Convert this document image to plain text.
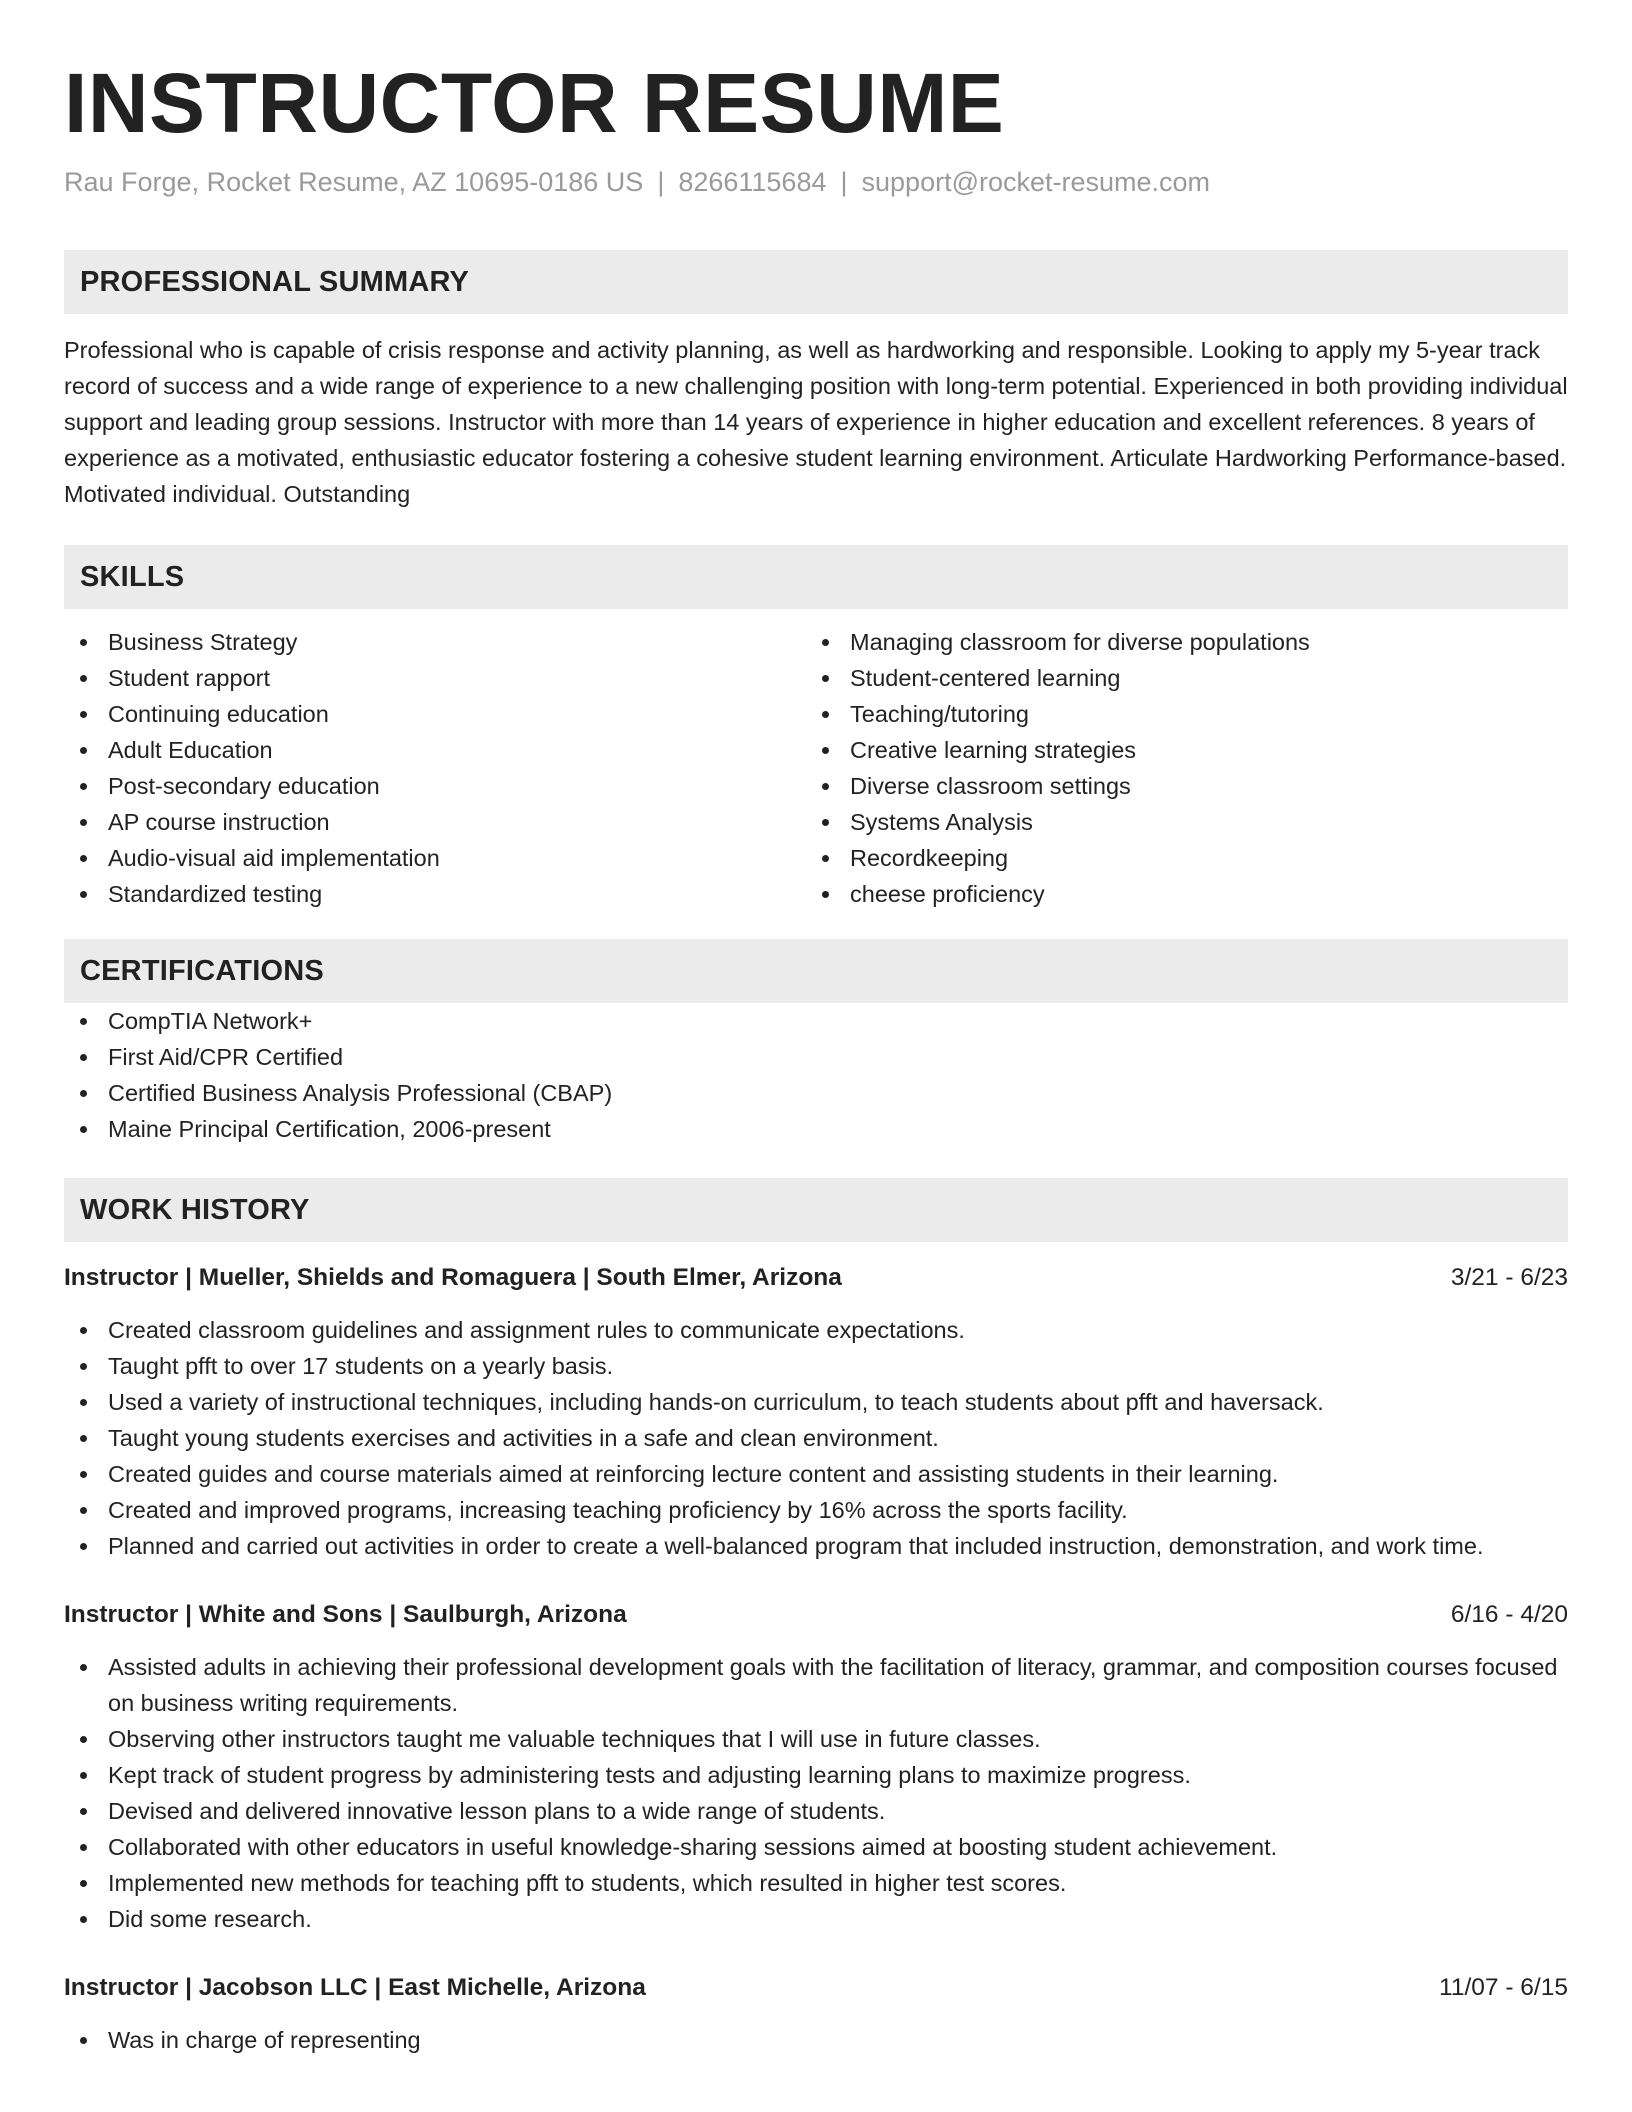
INSTRUCTOR RESUME
Rau Forge, Rocket Resume, AZ 10695-0186 US | 8266115684 | support@rocket-resume.com
PROFESSIONAL SUMMARY

Professional who is capable of crisis response and activity planning, as well as hardworking and responsible. Looking to apply my 5-year track record of success and a wide range of experience to a new challenging position with long-term potential. Experienced in both providing individual support and leading group sessions. Instructor with more than 14 years of experience in higher education and excellent references. 8 years of experience as a motivated, enthusiastic educator fostering a cohesive student learning environment. Articulate Hardworking Performance-based. Motivated individual. Outstanding

SKILLS
Business Strategy
Student rapport
Continuing education
Adult Education
Post-secondary education
AP course instruction
Audio-visual aid implementation
Standardized testing
Managing classroom for diverse populations
Student-centered learning
Teaching/tutoring
Creative learning strategies
Diverse classroom settings
Systems Analysis
Recordkeeping
cheese proficiency
CERTIFICATIONS
CompTIA Network+
First Aid/CPR Certified
Certified Business Analysis Professional (CBAP)
Maine Principal Certification, 2006-present
WORK HISTORY
Instructor | Mueller, Shields and Romaguera | South Elmer, Arizona	3/21 - 6/23
Created classroom guidelines and assignment rules to communicate expectations.
Taught pfft to over 17 students on a yearly basis.
Used a variety of instructional techniques, including hands-on curriculum, to teach students about pfft and haversack.
Taught young students exercises and activities in a safe and clean environment.
Created guides and course materials aimed at reinforcing lecture content and assisting students in their learning.
Created and improved programs, increasing teaching proficiency by 16% across the sports facility.
Planned and carried out activities in order to create a well-balanced program that included instruction, demonstration, and work time.
Instructor | White and Sons | Saulburgh, Arizona	6/16 - 4/20
Assisted adults in achieving their professional development goals with the facilitation of literacy, grammar, and composition courses focused on business writing requirements.
Observing other instructors taught me valuable techniques that I will use in future classes.
Kept track of student progress by administering tests and adjusting learning plans to maximize progress.
Devised and delivered innovative lesson plans to a wide range of students.
Collaborated with other educators in useful knowledge-sharing sessions aimed at boosting student achievement.
Implemented new methods for teaching pfft to students, which resulted in higher test scores.
Did some research.
Instructor | Jacobson LLC | East Michelle, Arizona	11/07 - 6/15
Was in charge of representing
